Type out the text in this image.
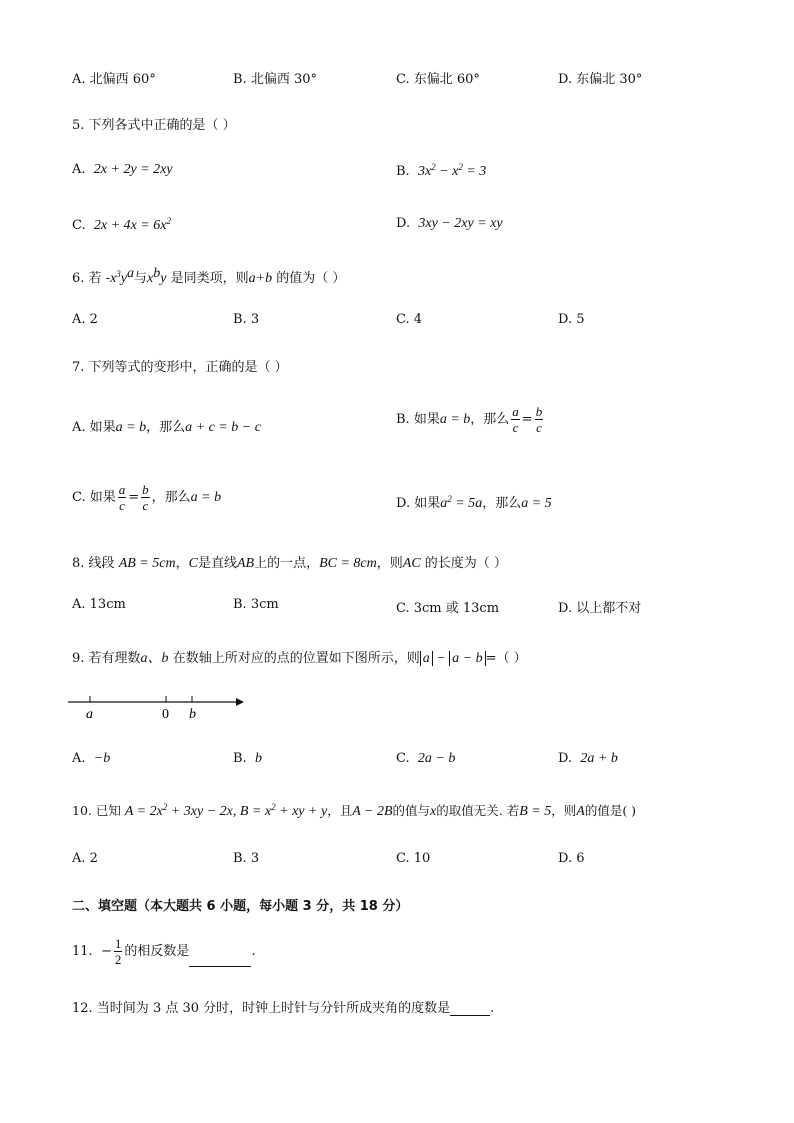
A. 北偏西 60°	B. 北偏西 30°	C. 东偏北 60°	D. 东偏北 30°
5. 下列各式中正确的是（ ）
A. 2x + 2y = 2xy	B. $3x^2 - x^2 = 3$
C. $2x + 4x = 6x^2$	D. 3xy − 2xy = xy
6. 若 $-x^3y^a$与$x^by$ 是同类项，则a+b 的值为（ ）
A. 2	B. 3	C. 4	D. 5
7. 下列等式的变形中，正确的是（ ）
A. 如果a = b，那么a + c = b − c
B. 如果a = b，那么 $\frac{a}{c} = \frac{b}{c}$
C. 如果 $\frac{a}{c} = \frac{b}{c}$ ，那么a = b	D. 如果$a^2 = 5a$，那么a = 5
8. 线段 AB = 5cm，C是直线AB上的一点，BC = 8cm，则AC 的长度为（ ）
A. 13cm	B. 3cm	C. 3cm 或 13cm	D. 以上都不对
9. 若有理数a、b 在数轴上所对应的点的位置如下图所示，则 a − a − b =（ ）
a	0 b
A. −b	B. b	C. 2a − b	D. 2a + b
10. 已知 $A = 2x^2 + 3xy - 2x$, $B = x^2$ + xy + y，且A − 2B的值与x的取值无关. 若B = 5，则A的值是( )
A. 2	B. 3	C. 10	D. 6
二、填空题（本大题共 6 小题，每小题 3 分，共 18 分）
11.  − $\frac{1}{2}$ 的相反数是	.
12. 当时间为 3 点 30 分时，时钟上时针与分针所成夹角的度数是	.
